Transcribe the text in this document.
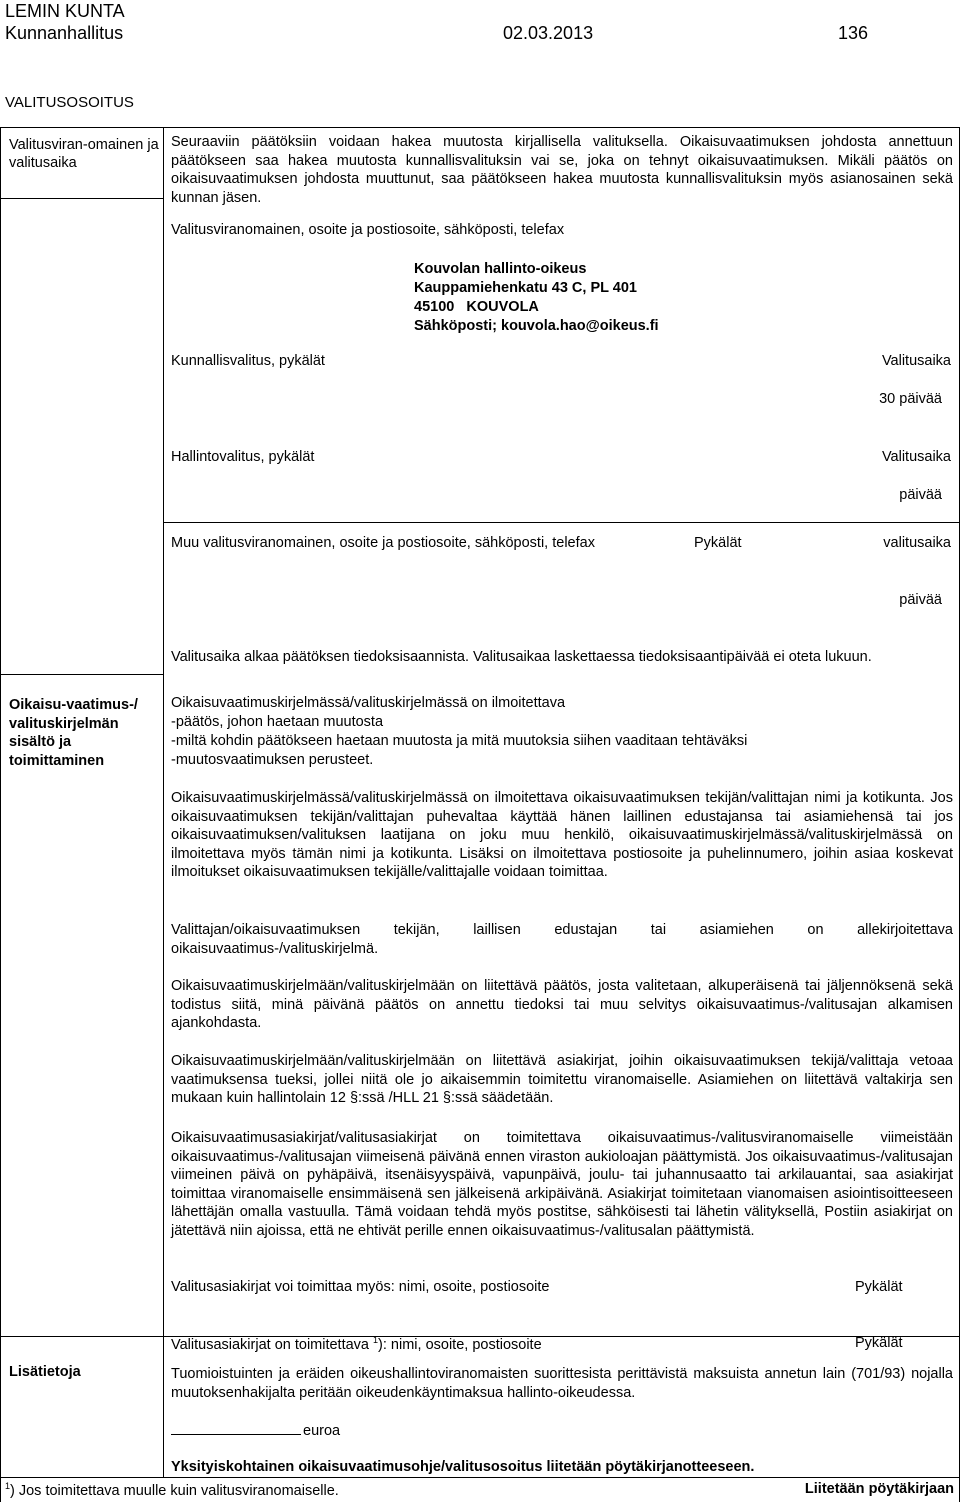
LEMIN KUNTA
Kunnanhallitus	02.03.2013	136
VALITUSOSOITUS
Valitusviran-omainen ja valitusaika
Seuraaviin päätöksiin voidaan hakea muutosta kirjallisella valituksella. Oikaisuvaatimuksen johdosta annettuun päätökseen saa hakea muutosta kunnallisvalituksin vai se, joka on tehnyt oikaisuvaatimuksen. Mikäli päätös on oikaisuvaatimuksen johdosta muuttunut, saa päätökseen hakea muutosta kunnallisvalituksin myös asianosainen sekä kunnan jäsen.
Valitusviranomainen, osoite ja postiosoite, sähköposti, telefax
Kouvolan hallinto-oikeus
Kauppamiehenkatu 43 C, PL 401
45100   KOUVOLA
Sähköposti; kouvola.hao@oikeus.fi
Kunnallisvalitus, pykälät	Valitusaika
30 päivää
Hallintovalitus, pykälät	Valitusaika
päivää
Muu valitusviranomainen, osoite ja postiosoite, sähköposti, telefax	Pykälät	valitusaika
päivää
Valitusaika alkaa päätöksen tiedoksisaannista. Valitusaikaa laskettaessa tiedoksisaantipäivää ei oteta lukuun.
Oikaisu-vaatimus-/ valituskirjelmän sisältö ja toimittaminen
Oikaisuvaatimuskirjelmässä/valituskirjelmässä on ilmoitettava
-päätös, johon haetaan muutosta
-miltä kohdin päätökseen haetaan muutosta ja mitä muutoksia siihen vaaditaan tehtäväksi
-muutosvaatimuksen perusteet.
Oikaisuvaatimuskirjelmässä/valituskirjelmässä on ilmoitettava oikaisuvaatimuksen tekijän/valittajan nimi ja kotikunta. Jos oikaisuvaatimuksen tekijän/valittajan puhevaltaa käyttää hänen laillinen edustajansa tai asiamiehensä tai jos oikaisuvaatimuksen/valituksen laatijana on joku muu henkilö, oikaisuvaatimuskirjelmässä/valituskirjelmässä on ilmoitettava myös tämän nimi ja kotikunta. Lisäksi on ilmoitettava postiosoite ja puhelinnumero, joihin asiaa koskevat ilmoitukset oikaisuvaatimuksen tekijälle/valittajalle voidaan toimittaa.
Valittajan/oikaisuvaatimuksen tekijän, laillisen edustajan tai asiamiehen on allekirjoitettava oikaisuvaatimus-/valituskirjelmä.
Oikaisuvaatimuskirjelmään/valituskirjelmään on liitettävä päätös, josta valitetaan, alkuperäisenä tai jäljennöksenä sekä todistus siitä, minä päivänä päätös on annettu tiedoksi tai muu selvitys oikaisuvaatimus-/valitusajan alkamisen ajankohdasta.
Oikaisuvaatimuskirjelmään/valituskirjelmään on liitettävä asiakirjat, joihin oikaisuvaatimuksen tekijä/valittaja vetoaa vaatimuksensa tueksi, jollei niitä ole jo aikaisemmin toimitettu viranomaiselle. Asiamiehen on liitettävä valtakirja sen mukaan kuin hallintolain 12 §:ssä /HLL 21 §:ssä säädetään.
Oikaisuvaatimusasiakirjat/valitusasiakirjat on toimitettava oikaisuvaatimus-/valitusviranomaiselle viimeistään oikaisuvaatimus-/valitusajan viimeisenä päivänä ennen viraston aukioloajan päättymistä. Jos oikaisuvaatimus-/valitusajan viimeinen päivä on pyhäpäivä, itsenäisyyspäivä, vapunpäivä, joulu- tai juhannusaatto tai arkilauantai, saa asiakirjat toimittaa viranomaiselle ensimmäisenä sen jälkeisenä arkipäivänä. Asiakirjat toimitetaan vianomaisen asiointisoitteeseen lähettäjän omalla vastuulla. Tämä voidaan tehdä myös postitse, sähköisesti tai lähetin välityksellä, Postiin asiakirjat on jätettävä niin ajoissa, että ne ehtivät perille ennen oikaisuvaatimus-/valitusalan päättymistä.
Valitusasiakirjat voi toimittaa myös: nimi, osoite, postiosoite	Pykälät
Valitusasiakirjat on toimitettava $^1$): nimi, osoite, postiosoite	Pykälät
Lisätietoja	Tuomioistuinten ja eräiden oikeushallintoviranomaisten suorittesista perittävistä maksuista annetun lain (701/93) nojalla muutoksenhakijalta peritään oikeudenkäyntimaksua hallinto-oikeudessa.
euroa
Yksityiskohtainen oikaisuvaatimusohje/valitusosoitus liitetään pöytäkirjanotteeseen.
$^1$) Jos toimitettava muulle kuin valitusviranomaiselle.	Liitetään pöytäkirjaan
